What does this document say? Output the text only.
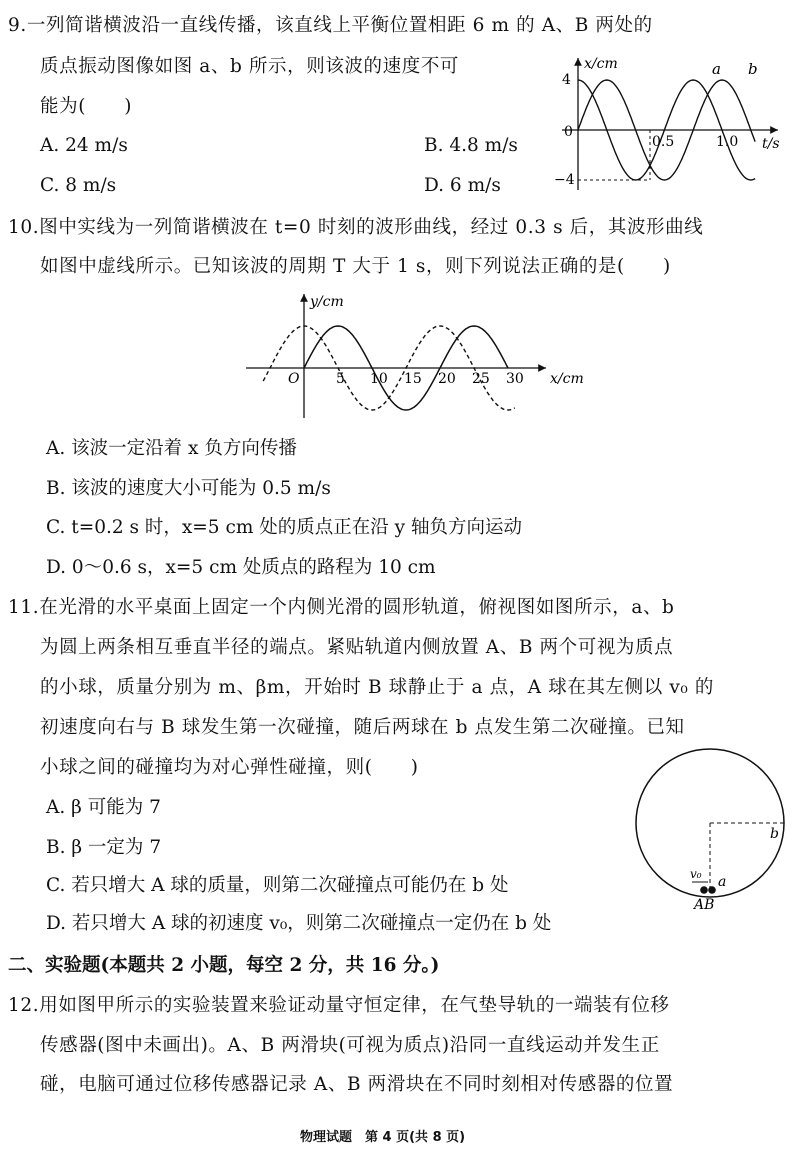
9.一列简谐横波沿一直线传播，该直线上平衡位置相距 6 m 的 A、B 两处的
质点振动图像如图 a、b 所示，则该波的速度不可
能为(　　)
A. 24 m/s	B. 4.8 m/s
C. 8 m/s	D. 6 m/s
x/cm
t/s
4
−4
0
0.5	1.0
a b
10.图中实线为一列简谐横波在 t=0 时刻的波形曲线，经过 0.3 s 后，其波形曲线
如图中虚线所示。已知该波的周期 T 大于 1 s，则下列说法正确的是(　　)
y/cm
x/cm
O	5 10 15 20 25 30
A. 该波一定沿着 x 负方向传播
B. 该波的速度大小可能为 0.5 m/s
C. t=0.2 s 时，x=5 cm 处的质点正在沿 y 轴负方向运动
D. 0～0.6 s，x=5 cm 处质点的路程为 10 cm
11.在光滑的水平桌面上固定一个内侧光滑的圆形轨道，俯视图如图所示，a、b
为圆上两条相互垂直半径的端点。紧贴轨道内侧放置 A、B 两个可视为质点
的小球，质量分别为 m、βm，开始时 B 球静止于 a 点，A 球在其左侧以 v₀ 的
初速度向右与 B 球发生第一次碰撞，随后两球在 b 点发生第二次碰撞。已知
小球之间的碰撞均为对心弹性碰撞，则(　　)
A. β 可能为 7
B. β 一定为 7
C. 若只增大 A 球的质量，则第二次碰撞点可能仍在 b 处
D. 若只增大 A 球的初速度 v₀，则第二次碰撞点一定仍在 b 处
b
v₀ a
AB
二、实验题(本题共 2 小题，每空 2 分，共 16 分。)
12.用如图甲所示的实验装置来验证动量守恒定律，在气垫导轨的一端装有位移
传感器(图中未画出)。A、B 两滑块(可视为质点)沿同一直线运动并发生正
碰，电脑可通过位移传感器记录 A、B 两滑块在不同时刻相对传感器的位置
物理试题　第 4 页(共 8 页)
